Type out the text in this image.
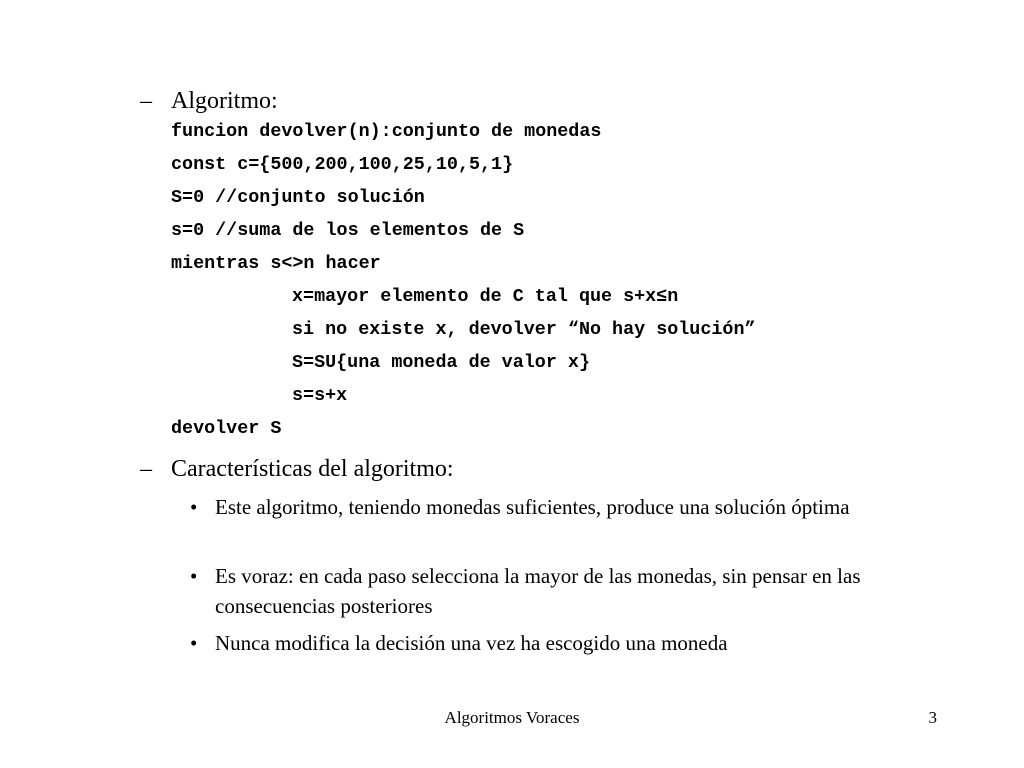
– Algoritmo:
funcion devolver(n):conjunto de monedas
const c={500,200,100,25,10,5,1}
S=0 //conjunto solución
s=0 //suma de los elementos de S
mientras s<>n hacer
x=mayor elemento de C tal que s+x≤n
si no existe x, devolver “No hay solución”
S=SU{una moneda de valor x}
s=s+x
devolver S
– Características del algoritmo:
• Este algoritmo, teniendo monedas suficientes, produce una solución óptima
• Es voraz: en cada paso selecciona la mayor de las monedas, sin pensar en las consecuencias posteriores
• Nunca modifica la decisión una vez ha escogido una moneda
Algoritmos Voraces	3
